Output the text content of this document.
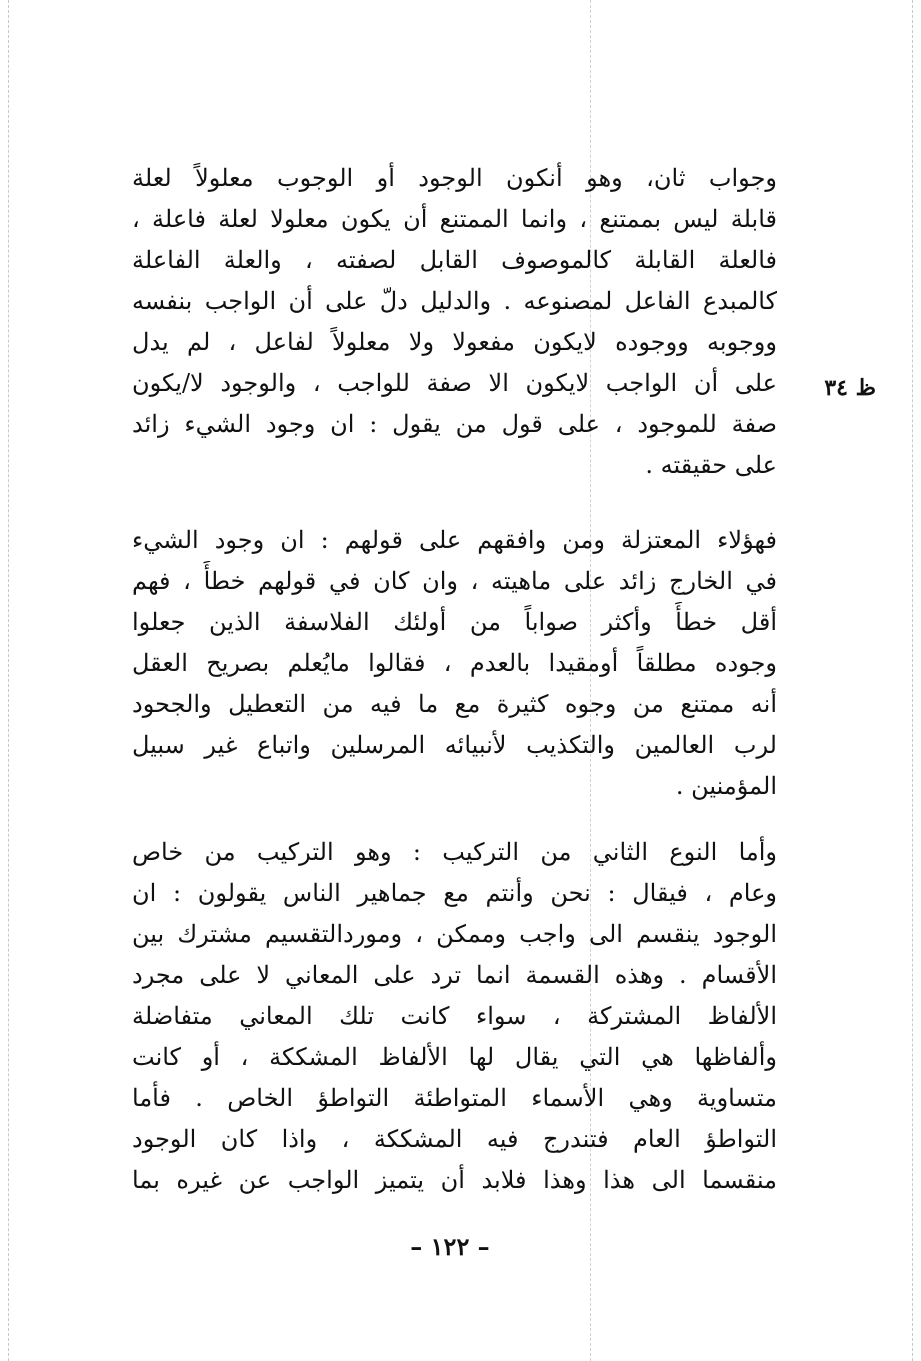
ظ ٣٤
وجواب ثان، وهو أنكون الوجود أو الوجوب معلولاً لعلة
قابلة ليس بممتنع ، وانما الممتنع أن يكون معلولا لعلة فاعلة ،
فالعلة القابلة كالموصوف القابل لصفته ، والعلة الفاعلة
كالمبدع الفاعل لمصنوعه . والدليل دلّ على أن الواجب بنفسه
ووجوبه ووجوده لايكون مفعولا ولا معلولاً لفاعل ، لم يدل
على أن الواجب لايكون الا صفة للواجب ، والوجود لا/يكون
صفة للموجود ، على قول من يقول : ان وجود الشيء زائد
على حقيقته .
فهؤلاء المعتزلة ومن وافقهم على قولهم : ان وجود الشيء
في الخارج زائد على ماهيته ، وان كان في قولهم خطأً ، فهم
أقل خطأً وأكثر صواباً من أولئك الفلاسفة الذين جعلوا
وجوده مطلقاً أومقيدا بالعدم ، فقالوا مايُعلم بصريح العقل
أنه ممتنع من وجوه كثيرة مع ما فيه من التعطيل والجحود
لرب العالمين والتكذيب لأنبيائه المرسلين واتباع غير سبيل
المؤمنين .
وأما النوع الثاني من التركيب : وهو التركيب من خاص
وعام ، فيقال : نحن وأنتم مع جماهير الناس يقولون : ان
الوجود ينقسم الى واجب وممكن ، وموردالتقسيم مشترك بين
الأقسام . وهذه القسمة انما ترد على المعاني لا على مجرد
الألفاظ المشتركة ، سواء كانت تلك المعاني متفاضلة
وألفاظها هي التي يقال لها الألفاظ المشككة ، أو كانت
متساوية وهي الأسماء المتواطئة التواطؤ الخاص . فأما
التواطؤ العام فتندرج فيه المشككة ، واذا كان الوجود
منقسما الى هذا وهذا فلابد أن يتميز الواجب عن غيره بما
– ١٢٢ –
